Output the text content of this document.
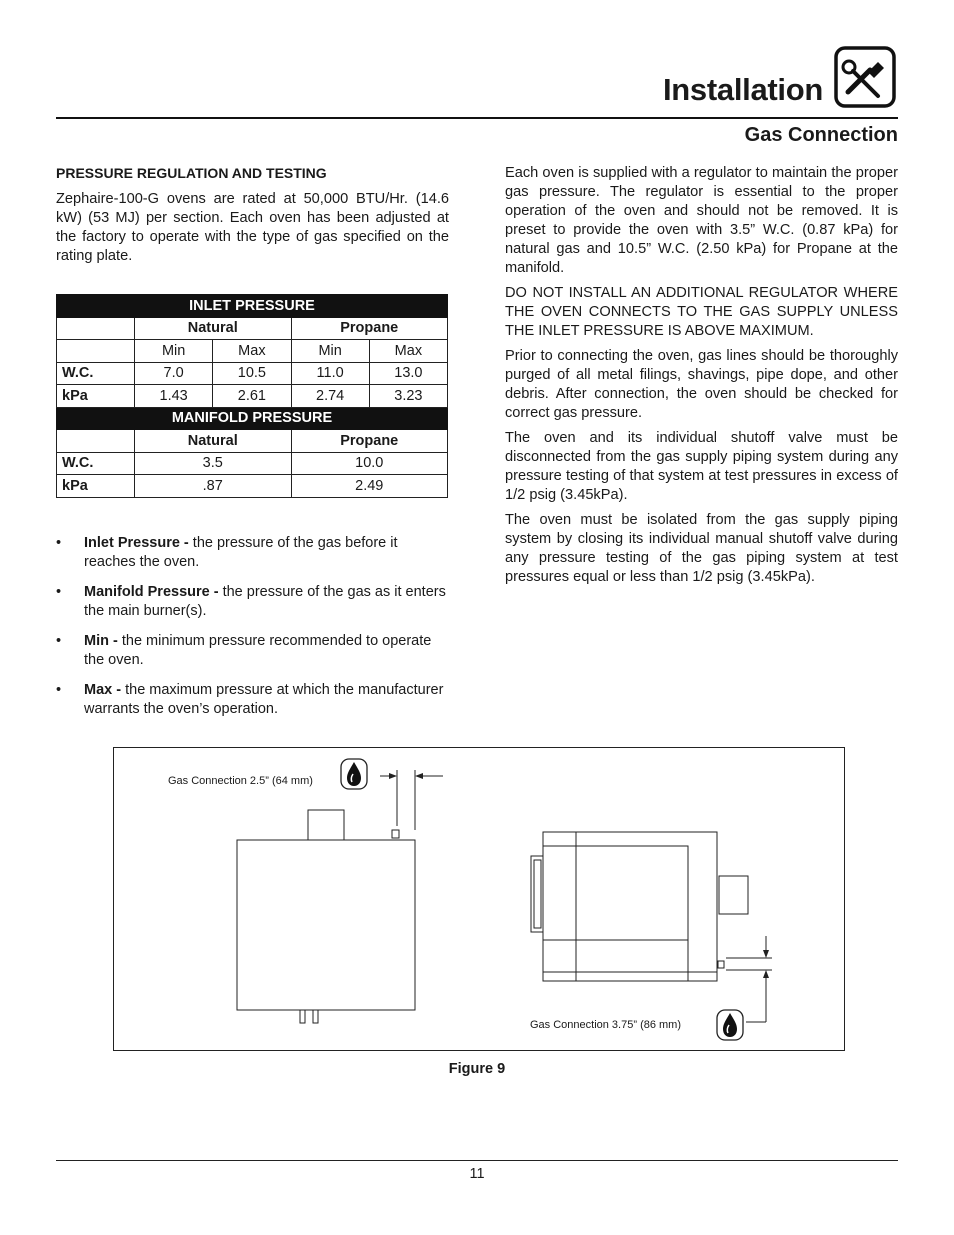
Installation
Gas Connection
PRESSURE REGULATION AND TESTING
Zephaire-100-G ovens are rated at 50,000 BTU/Hr. (14.6 kW) (53 MJ) per section. Each oven has been adjusted at the factory to operate with the type of gas specified on the rating plate.
INLET PRESSURE				
	Natural		Propane	
	Min	Max	Min	Max
W.C.	7.0	10.5	11.0	13.0
kPa	1.43	2.61	2.74	3.23
MANIFOLD PRESSURE				
	Natural		Propane	
W.C.	3.5		10.0	
kPa	.87		2.49	
• Inlet Pressure - the pressure of the gas before it reaches the oven.
• Manifold Pressure - the pressure of the gas as it enters the main burner(s).
• Min - the minimum pressure recommended to operate the oven.
• Max - the maximum pressure at which the manufacturer warrants the oven’s operation.

Each oven is supplied with a regulator to maintain the proper gas pressure. The regulator is essential to the proper operation of the oven and should not be removed. It is preset to provide the oven with 3.5” W.C. (0.87 kPa) for natural gas and 10.5” W.C. (2.50 kPa) for Propane at the manifold.

DO NOT INSTALL AN ADDITIONAL REGULATOR WHERE THE OVEN CONNECTS TO THE GAS SUPPLY UNLESS THE INLET PRESSURE IS ABOVE MAXIMUM.

Prior to connecting the oven, gas lines should be thoroughly purged of all metal filings, shavings, pipe dope, and other debris. After connection, the oven should be checked for correct gas pressure.

The oven and its individual shutoff valve must be disconnected from the gas supply piping system during any pressure testing of that system at test pressures in excess of 1/2 psig (3.45kPa).

The oven must be isolated from the gas supply piping system by closing its individual manual shutoff valve during any pressure testing of the gas piping system at test pressures equal or less than 1/2 psig (3.45kPa).

Gas Connection 2.5” (64 mm)
Gas Connection 3.75” (86 mm)
Figure 9
11
